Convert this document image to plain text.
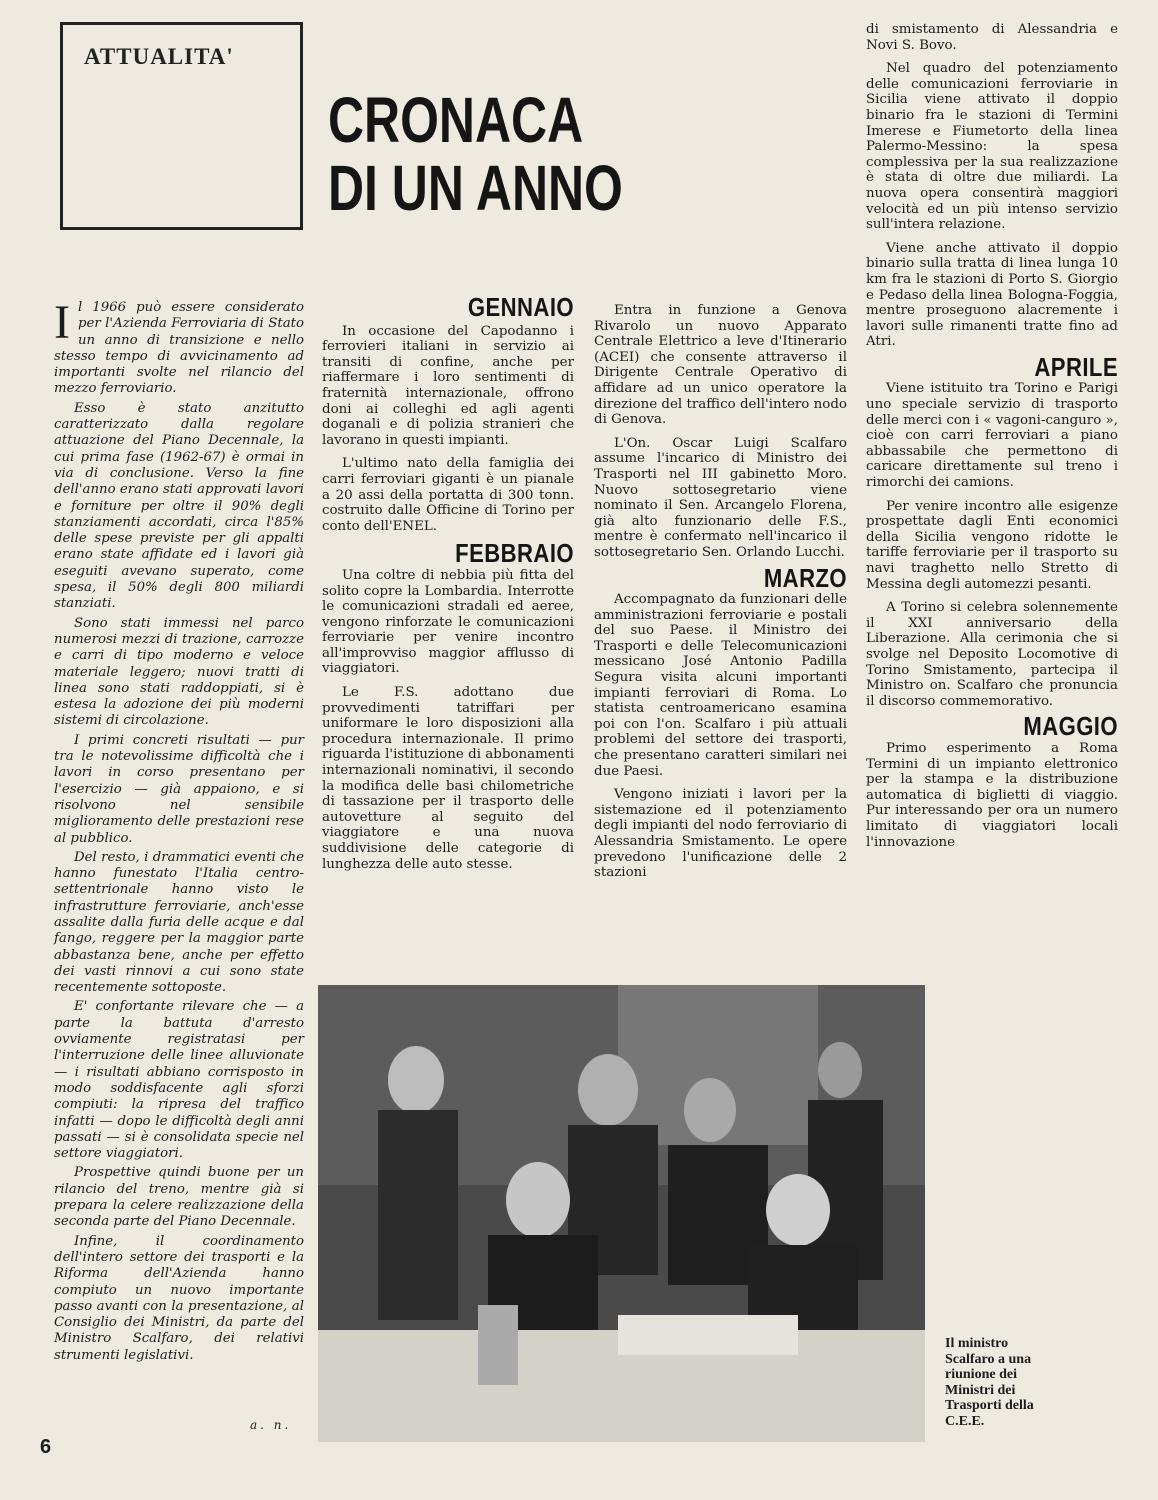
ATTUALITA'
CRONACA
DI UN ANNO

Il 1966 può essere considerato per l'Azienda Ferroviaria di Stato un anno di transizione e nello stesso tempo di avvicinamento ad importanti svolte nel rilancio del mezzo ferroviario.

Esso è stato anzitutto caratterizzato dalla regolare attuazione del Piano Decennale, la cui prima fase (1962-67) è ormai in via di conclusione. Verso la fine dell'anno erano stati approvati lavori e forniture per oltre il 90% degli stanziamenti accordati, circa l'85% delle spese previste per gli appalti erano state affidate ed i lavori già eseguiti avevano superato, come spesa, il 50% degli 800 miliardi stanziati.

Sono stati immessi nel parco numerosi mezzi di trazione, carrozze e carri di tipo moderno e veloce materiale leggero; nuovi tratti di linea sono stati raddoppiati, si è estesa la adozione dei più moderni sistemi di circolazione.

I primi concreti risultati — pur tra le notevolissime difficoltà che i lavori in corso presentano per l'esercizio — già appaiono, e si risolvono nel sensibile miglioramento delle prestazioni rese al pubblico.

Del resto, i drammatici eventi che hanno funestato l'Italia centro-settentrionale hanno visto le infrastrutture ferroviarie, anch'esse assalite dalla furia delle acque e dal fango, reggere per la maggior parte abbastanza bene, anche per effetto dei vasti rinnovi a cui sono state recentemente sottoposte.

E' confortante rilevare che — a parte la battuta d'arresto ovviamente registratasi per l'interruzione delle linee alluvionate — i risultati abbiano corrisposto in modo soddisfacente agli sforzi compiuti: la ripresa del traffico infatti — dopo le difficoltà degli anni passati — si è consolidata specie nel settore viaggiatori.

Prospettive quindi buone per un rilancio del treno, mentre già si prepara la celere realizzazione della seconda parte del Piano Decennale.

Infine, il coordinamento dell'intero settore dei trasporti e la Riforma dell'Azienda hanno compiuto un nuovo importante passo avanti con la presentazione, al Consiglio dei Ministri, da parte del Ministro Scalfaro, dei relativi strumenti legislativi.

a. n.
GENNAIO

In occasione del Capodanno i ferrovieri italiani in servizio ai transiti di confine, anche per riaffermare i loro sentimenti di fraternità internazionale, offrono doni ai colleghi ed agli agenti doganali e di polizia stranieri che lavorano in questi impianti.

L'ultimo nato della famiglia dei carri ferroviari giganti è un pianale a 20 assi della portatta di 300 tonn. costruito dalle Officine di Torino per conto dell'ENEL.

FEBBRAIO

Una coltre di nebbia più fitta del solito copre la Lombardia. Interrotte le comunicazioni stradali ed aeree, vengono rinforzate le comunicazioni ferroviarie per venire incontro all'improvviso maggior afflusso di viaggiatori.

Le F.S. adottano due provvedimenti tatriffari per uniformare le loro disposizioni alla procedura internazionale. Il primo riguarda l'istituzione di abbonamenti internazionali nominativi, il secondo la modifica delle basi chilometriche di tassazione per il trasporto delle autovetture al seguito del viaggiatore e una nuova suddivisione delle categorie di lunghezza delle auto stesse.

Entra in funzione a Genova Rivarolo un nuovo Apparato Centrale Elettrico a leve d'Itinerario (ACEI) che consente attraverso il Dirigente Centrale Operativo di affidare ad un unico operatore la direzione del traffico dell'intero nodo di Genova.

L'On. Oscar Luigi Scalfaro assume l'incarico di Ministro dei Trasporti nel III gabinetto Moro. Nuovo sottosegretario viene nominato il Sen. Arcangelo Florena, già alto funzionario delle F.S., mentre è confermato nell'incarico il sottosegretario Sen. Orlando Lucchi.

MARZO

Accompagnato da funzionari delle amministrazioni ferroviarie e postali del suo Paese. il Ministro dei Trasporti e delle Telecomunicazioni messicano José Antonio Padilla Segura visita alcuni importanti impianti ferroviari di Roma. Lo statista centroamericano esamina poi con l'on. Scalfaro i più attuali problemi del settore dei trasporti, che presentano caratteri similari nei due Paesi.

Vengono iniziati i lavori per la sistemazione ed il potenziamento degli impianti del nodo ferroviario di Alessandria Smistamento. Le opere prevedono l'unificazione delle 2 stazioni

di smistamento di Alessandria e Novi S. Bovo.

Nel quadro del potenziamento delle comunicazioni ferroviarie in Sicilia viene attivato il doppio binario fra le stazioni di Termini Imerese e Fiumetorto della linea Palermo-Messino: la spesa complessiva per la sua realizzazione è stata di oltre due miliardi. La nuova opera consentirà maggiori velocità ed un più intenso servizio sull'intera relazione.

Viene anche attivato il doppio binario sulla tratta di linea lunga 10 km fra le stazioni di Porto S. Giorgio e Pedaso della linea Bologna-Foggia, mentre proseguono alacremente i lavori sulle rimanenti tratte fino ad Atri.

APRILE

Viene istituito tra Torino e Parigi uno speciale servizio di trasporto delle merci con i « vagoni-canguro », cioè con carri ferroviari a piano abbassabile che permettono di caricare direttamente sul treno i rimorchi dei camions.

Per venire incontro alle esigenze prospettate dagli Enti economici della Sicilia vengono ridotte le tariffe ferroviarie per il trasporto su navi traghetto nello Stretto di Messina degli automezzi pesanti.

A Torino si celebra solennemente il XXI anniversario della Liberazione. Alla cerimonia che si svolge nel Deposito Locomotive di Torino Smistamento, partecipa il Ministro on. Scalfaro che pronuncia il discorso commemorativo.

MAGGIO

Primo esperimento a Roma Termini di un impianto elettronico per la stampa e la distribuzione automatica di biglietti di viaggio. Pur interessando per ora un numero limitato di viaggiatori locali l'innovazione

Il ministro Scalfaro a una riunione dei Ministri dei Trasporti della C.E.E.
6
